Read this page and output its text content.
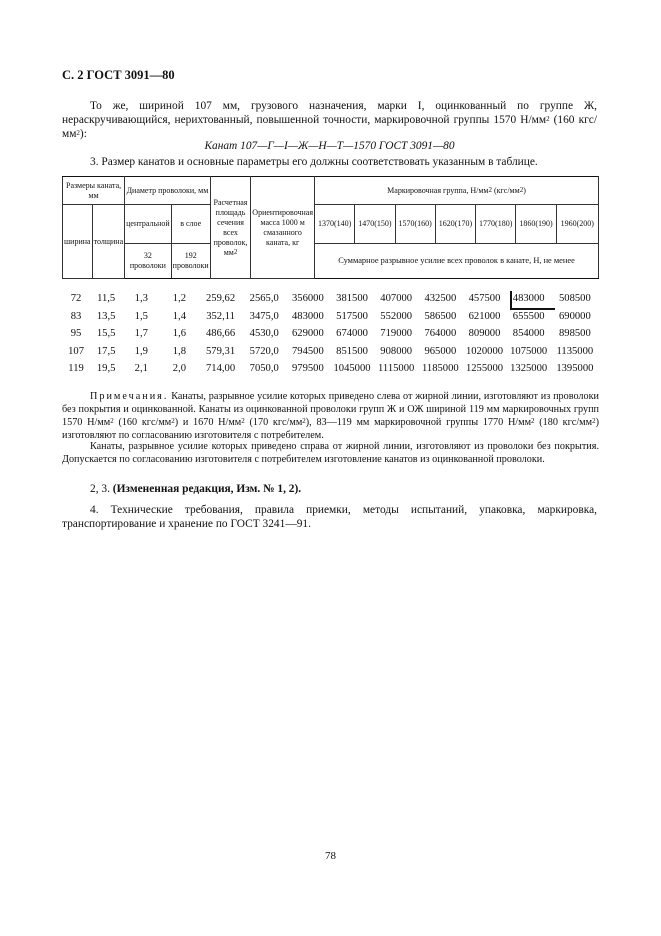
С. 2 ГОСТ 3091—80
То же, шириной 107 мм, грузового назначения, марки I, оцинкованный по группе Ж, нераскручивающийся, нерихтованный, повышенной точности, маркировочной группы 1570 $Н/мм^2$ (160 кгс/$мм^2$):
Канат 107—Г—I—Ж—Н—Т—1570 ГОСТ 3091—80
3. Размер канатов и основные параметры его должны соответствовать указанным в таблице.
Размеры каната, мм		Диаметр проволоки, мм		Расчетная площадь сечения всех проволок, $мм^2$	Ориентировочная масса 1000 м смазанного каната, кг	Маркировочная группа, $Н/мм^2$ $(кгс/мм^2)$						
ширина	толщина	центральной	в слое			1370(140)	1470(150)	1570(160)	1620(170)	1770(180)	1860(190)	1960(200)
		32 проволоки	192 проволоки			Суммарное разрывное усилие всех проволок в канате, Н, не менее						
72	11,5	1,3	1,2	259,62	2565,0	356000	381500	407000	432500	457500	483000	508500
83	13,5	1,5	1,4	352,11	3475,0	483000	517500	552000	586500	621000	655500	690000
95	15,5	1,7	1,6	486,66	4530,0	629000	674000	719000	764000	809000	854000	898500
107	17,5	1,9	1,8	579,31	5720,0	794500	851500	908000	965000	1020000	1075000	1135000
119	19,5	2,1	2,0	714,00	7050,0	979500	1045000	1115000	1185000	1255000	1325000	1395000
Примечания. Канаты, разрывное усилие которых приведено слева от жирной линии, изготовляют из проволоки без покрытия и оцинкованной. Канаты из оцинкованной проволоки групп Ж и ОЖ шириной 119 мм маркировочных групп 1570 $Н/мм^2$ (160 кгс/$мм^2$) и 1670 $Н/мм^2$ (170 кгс/$мм^2$), 83—119 мм маркировочной группы 1770 $Н/мм^2$ (180 кгс/$мм^2$) изготовляют по согласованию изготовителя с потребителем.
Канаты, разрывное усилие которых приведено справа от жирной линии, изготовляют из проволоки без покрытия. Допускается по согласованию изготовителя с потребителем изготовление канатов из оцинкованной проволоки.
2, 3. (Измененная редакция, Изм. № 1, 2).
4. Технические требования, правила приемки, методы испытаний, упаковка, маркировка, транспортирование и хранение по ГОСТ 3241—91.
78
